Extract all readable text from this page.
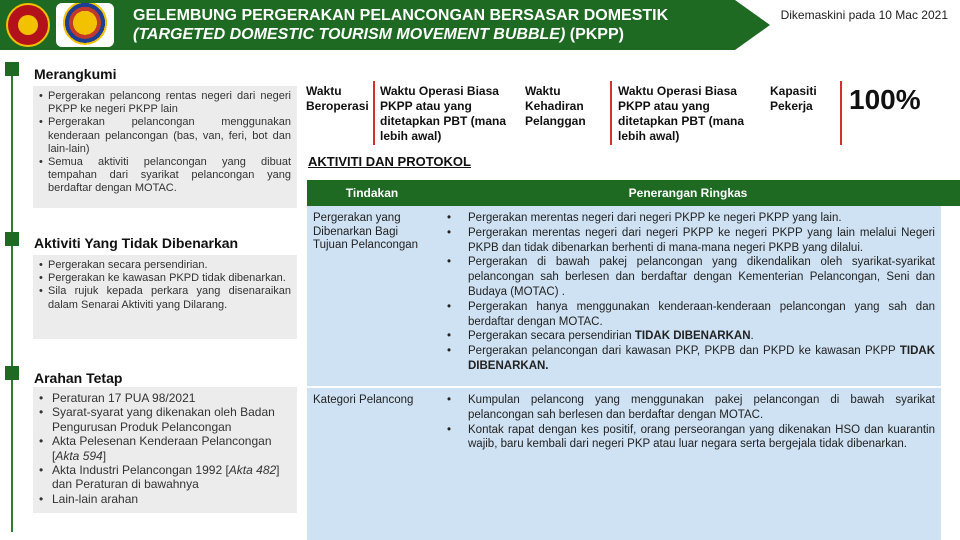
GELEMBUNG PERGERAKAN PELANCONGAN BERSASAR DOMESTIK
(TARGETED DOMESTIC TOURISM MOVEMENT BUBBLE) (PKPP)
Dikemaskini pada 10 Mac 2021
Merangkumi
• Pergerakan pelancong rentas negeri dari negeri PKPP ke negeri PKPP lain
• Pergerakan pelancongan menggunakan kenderaan pelancongan (bas, van, feri, bot dan lain-lain)
• Semua aktiviti pelancongan yang dibuat tempahan dari syarikat pelancongan yang berdaftar dengan MOTAC.
Aktiviti Yang Tidak Dibenarkan
• Pergerakan secara persendirian.
• Pergerakan ke kawasan PKPD tidak dibenarkan.
• Sila rujuk kepada perkara yang disenaraikan dalam Senarai Aktiviti yang Dilarang.
Arahan Tetap
• Peraturan 17 PUA 98/2021
• Syarat-syarat yang dikenakan oleh Badan Pengurusan Produk Pelancongan
• Akta Pelesenan Kenderaan Pelancongan [Akta 594]
• Akta Industri Pelancongan 1992 [Akta 482] dan Peraturan di bawahnya
• Lain-lain arahan
Waktu Beroperasi
Waktu Operasi Biasa PKPP atau yang ditetapkan PBT (mana lebih awal)
Waktu Kehadiran Pelanggan
Waktu Operasi Biasa PKPP atau yang ditetapkan PBT (mana lebih awal)
Kapasiti Pekerja	100%
AKTIVITI DAN PROTOKOL
Tindakan	Penerangan Ringkas
Pergerakan yang Dibenarkan Bagi Tujuan Pelancongan
• Pergerakan merentas negeri dari negeri PKPP ke negeri PKPP yang lain.
• Pergerakan merentas negeri dari negeri PKPP ke negeri PKPP yang lain melalui Negeri PKPB dan tidak dibenarkan berhenti di mana-mana negeri PKPB yang dilalui.
• Pergerakan di bawah pakej pelancongan yang dikendalikan oleh syarikat-syarikat pelancongan sah berlesen dan berdaftar dengan Kementerian Pelancongan, Seni dan Budaya (MOTAC) .
• Pergerakan hanya menggunakan kenderaan-kenderaan pelancongan yang sah dan berdaftar dengan MOTAC.
• Pergerakan secara persendirian TIDAK DIBENARKAN.
• Pergerakan pelancongan dari kawasan PKP, PKPB dan PKPD ke kawasan PKPP TIDAK DIBENARKAN.
Kategori Pelancong
•	Kumpulan pelancong yang menggunakan pakej pelancongan di bawah syarikat pelancongan sah berlesen dan berdaftar dengan MOTAC.
• Kontak rapat dengan kes positif, orang perseorangan yang dikenakan HSO dan kuarantin wajib, baru kembali dari negeri PKP atau luar negara serta bergejala tidak dibenarkan.
